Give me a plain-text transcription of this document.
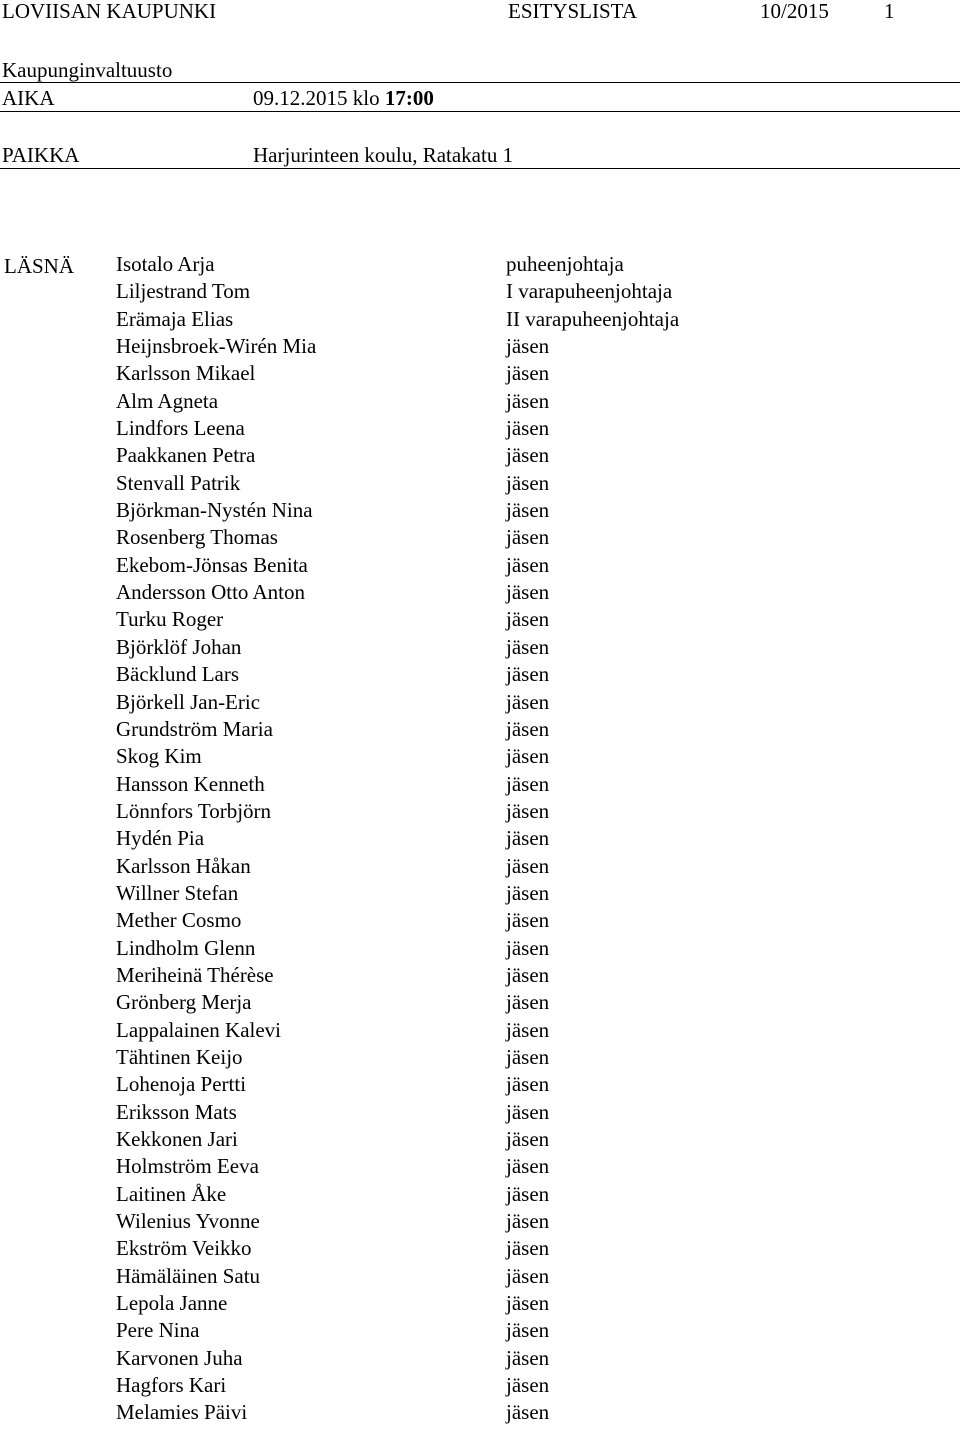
LOVIISAN KAUPUNKI	ESITYSLISTA	10/2015	1
Kaupunginvaltuusto
AIKA	09.12.2015 klo 17:00
PAIKKA	Harjurinteen koulu, Ratakatu 1
LÄSNÄ Isotalo Arja	puheenjohtaja
Liljestrand Tom	I varapuheenjohtaja
Erämaja Elias	II varapuheenjohtaja
Heijnsbroek-Wirén Mia	jäsen
Karlsson Mikael	jäsen
Alm Agneta	jäsen
Lindfors Leena	jäsen
Paakkanen Petra	jäsen
Stenvall Patrik	jäsen
Björkman-Nystén Nina	jäsen
Rosenberg Thomas	jäsen
Ekebom-Jönsas Benita	jäsen
Andersson Otto Anton	jäsen
Turku Roger	jäsen
Björklöf Johan	jäsen
Bäcklund Lars	jäsen
Björkell Jan-Eric	jäsen
Grundström Maria	jäsen
Skog Kim	jäsen
Hansson Kenneth	jäsen
Lönnfors Torbjörn	jäsen
Hydén Pia	jäsen
Karlsson Håkan	jäsen
Willner Stefan	jäsen
Mether Cosmo	jäsen
Lindholm Glenn	jäsen
Meriheinä Thérèse	jäsen
Grönberg Merja	jäsen
Lappalainen Kalevi	jäsen
Tähtinen Keijo	jäsen
Lohenoja Pertti	jäsen
Eriksson Mats	jäsen
Kekkonen Jari	jäsen
Holmström Eeva	jäsen
Laitinen Åke	jäsen
Wilenius Yvonne	jäsen
Ekström Veikko	jäsen
Hämäläinen Satu	jäsen
Lepola Janne	jäsen
Pere Nina	jäsen
Karvonen Juha	jäsen
Hagfors Kari	jäsen
Melamies Päivi	jäsen
